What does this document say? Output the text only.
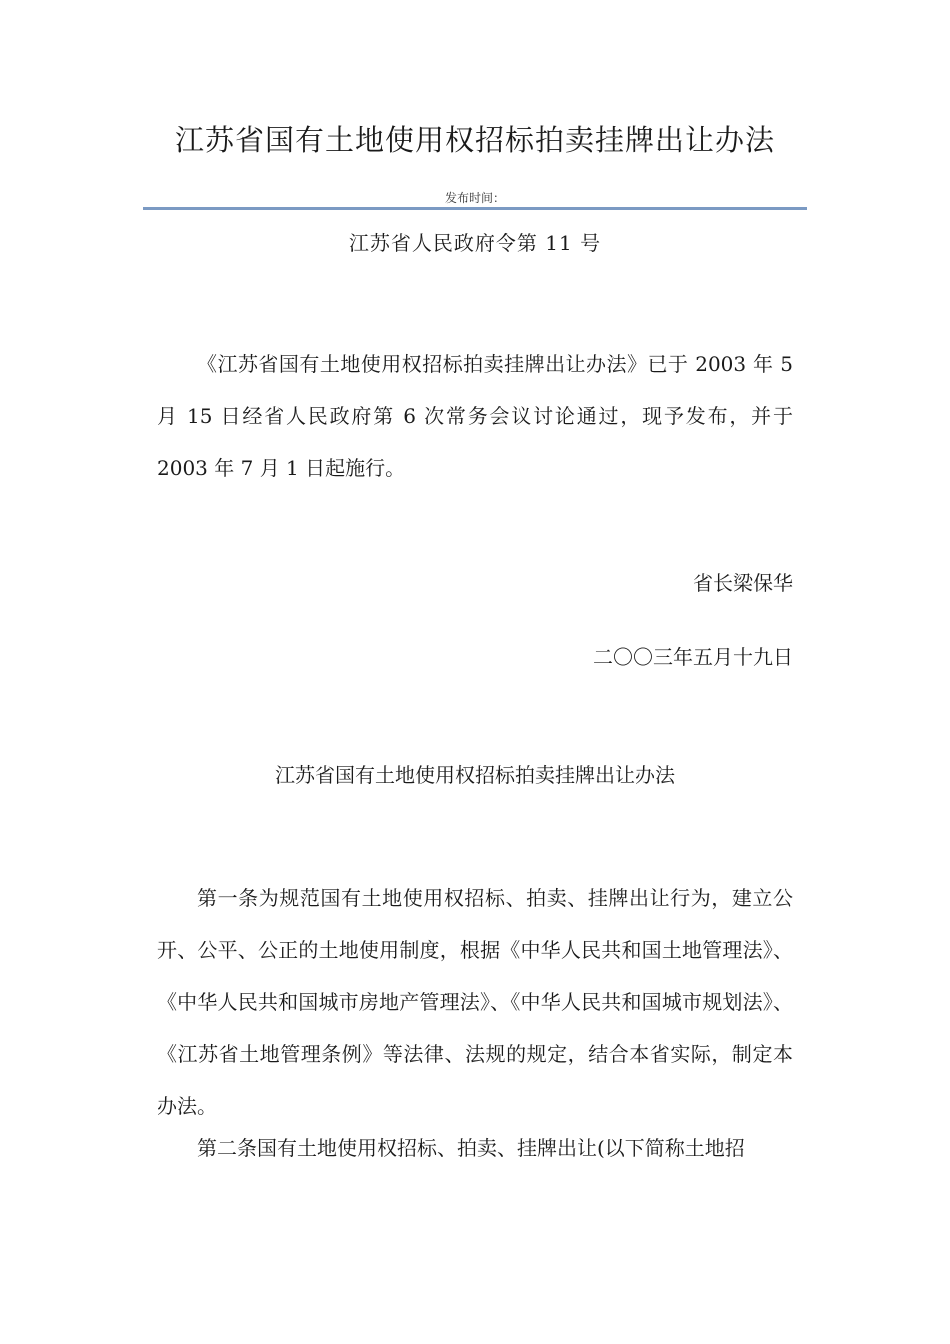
江苏省国有土地使用权招标拍卖挂牌出让办法
发布时间：
江苏省人民政府令第 11 号

《江苏省国有土地使用权招标拍卖挂牌出让办法》已于 2003 年 5 月 15 日经省人民政府第 6 次常务会议讨论通过，现予发布，并于 2003 年 7 月 1 日起施行。

省长梁保华
二〇〇三年五月十九日
江苏省国有土地使用权招标拍卖挂牌出让办法

第一条为规范国有土地使用权招标、拍卖、挂牌出让行为，建立公开、公平、公正的土地使用制度，根据《中华人民共和国土地管理法》、《中华人民共和国城市房地产管理法》、《中华人民共和国城市规划法》、《江苏省土地管理条例》等法律、法规的规定，结合本省实际，制定本办法。

第二条国有土地使用权招标、拍卖、挂牌出让(以下简称土地招
